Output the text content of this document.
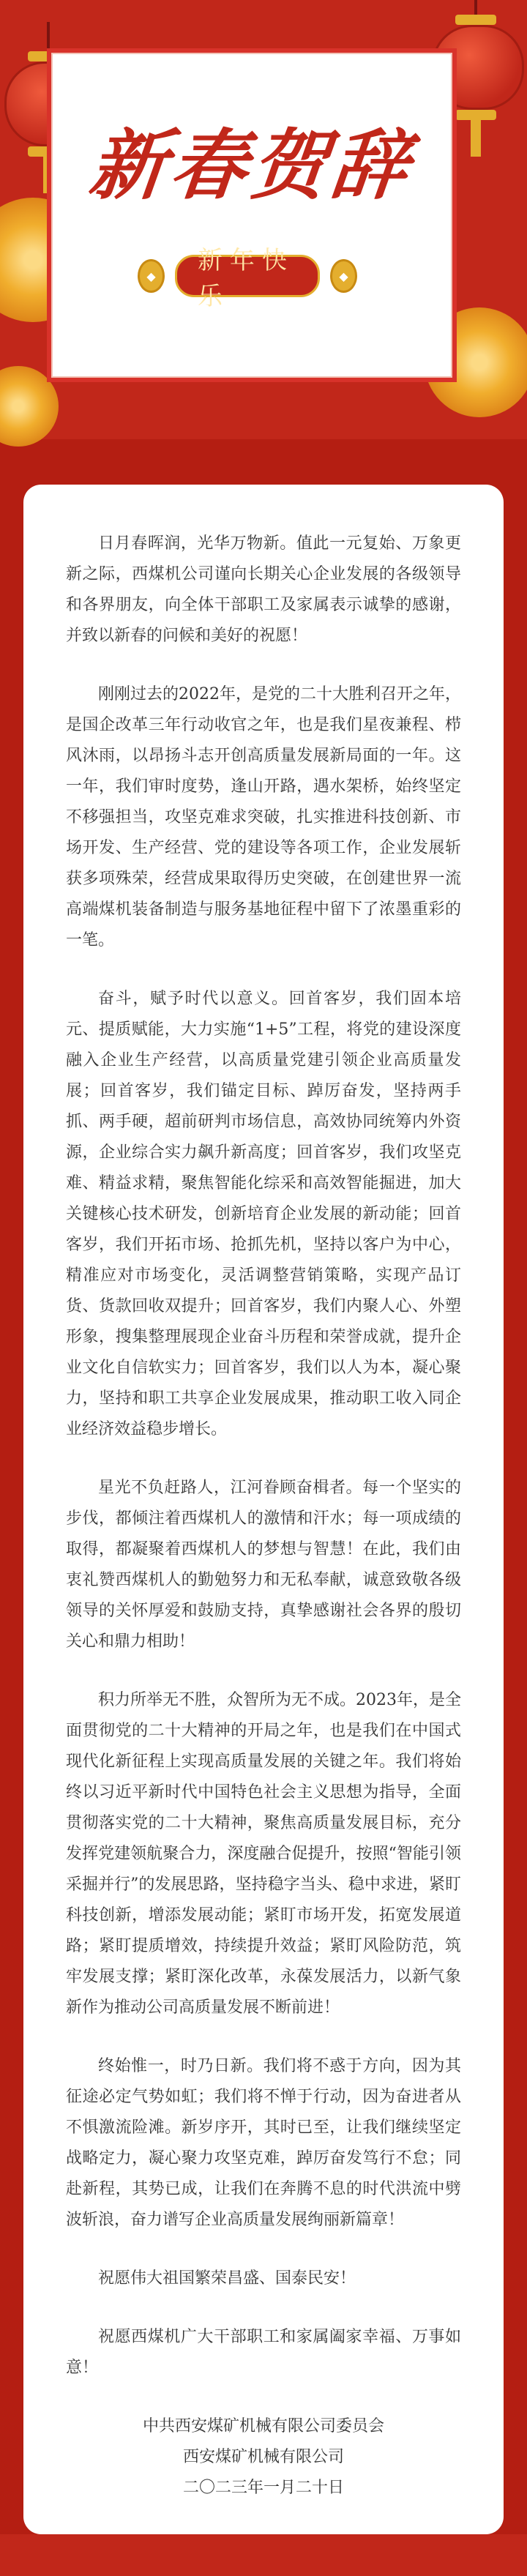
新春贺辞
◆
新年快乐
◆

日月春晖润，光华万物新。值此一元复始、万象更新之际，西煤机公司谨向长期关心企业发展的各级领导和各界朋友，向全体干部职工及家属表示诚挚的感谢，并致以新春的问候和美好的祝愿！

刚刚过去的2022年，是党的二十大胜利召开之年，是国企改革三年行动收官之年，也是我们星夜兼程、栉风沐雨，以昂扬斗志开创高质量发展新局面的一年。这一年，我们审时度势，逢山开路，遇水架桥，始终坚定不移强担当，攻坚克难求突破，扎实推进科技创新、市场开发、生产经营、党的建设等各项工作，企业发展斩获多项殊荣，经营成果取得历史突破，在创建世界一流高端煤机装备制造与服务基地征程中留下了浓墨重彩的一笔。

奋斗，赋予时代以意义。回首客岁，我们固本培元、提质赋能，大力实施“1+5”工程，将党的建设深度融入企业生产经营，以高质量党建引领企业高质量发展；回首客岁，我们锚定目标、踔厉奋发，坚持两手抓、两手硬，超前研判市场信息，高效协同统筹内外资源，企业综合实力飙升新高度；回首客岁，我们攻坚克难、精益求精，聚焦智能化综采和高效智能掘进，加大关键核心技术研发，创新培育企业发展的新动能；回首客岁，我们开拓市场、抢抓先机，坚持以客户为中心，精准应对市场变化，灵活调整营销策略，实现产品订货、货款回收双提升；回首客岁，我们内聚人心、外塑形象，搜集整理展现企业奋斗历程和荣誉成就，提升企业文化自信软实力；回首客岁，我们以人为本，凝心聚力，坚持和职工共享企业发展成果，推动职工收入同企业经济效益稳步增长。

星光不负赶路人，江河眷顾奋楫者。每一个坚实的步伐，都倾注着西煤机人的激情和汗水；每一项成绩的取得，都凝聚着西煤机人的梦想与智慧！在此，我们由衷礼赞西煤机人的勤勉努力和无私奉献，诚意致敬各级领导的关怀厚爱和鼓励支持，真挚感谢社会各界的殷切关心和鼎力相助！

积力所举无不胜，众智所为无不成。2023年，是全面贯彻党的二十大精神的开局之年，也是我们在中国式现代化新征程上实现高质量发展的关键之年。我们将始终以习近平新时代中国特色社会主义思想为指导，全面贯彻落实党的二十大精神，聚焦高质量发展目标，充分发挥党建领航聚合力，深度融合促提升，按照“智能引领 采掘并行”的发展思路，坚持稳字当头、稳中求进，紧盯科技创新，增添发展动能；紧盯市场开发，拓宽发展道路；紧盯提质增效，持续提升效益；紧盯风险防范，筑牢发展支撑；紧盯深化改革，永葆发展活力，以新气象新作为推动公司高质量发展不断前进！

终始惟一，时乃日新。我们将不惑于方向，因为其征途必定气势如虹；我们将不惮于行动，因为奋进者从不惧激流险滩。新岁序开，其时已至，让我们继续坚定战略定力，凝心聚力攻坚克难，踔厉奋发笃行不怠；同赴新程，其势已成，让我们在奔腾不息的时代洪流中劈波斩浪，奋力谱写企业高质量发展绚丽新篇章！

祝愿伟大祖国繁荣昌盛、国泰民安！

祝愿西煤机广大干部职工和家属阖家幸福、万事如意！

中共西安煤矿机械有限公司委员会
西安煤矿机械有限公司
二〇二三年一月二十日
